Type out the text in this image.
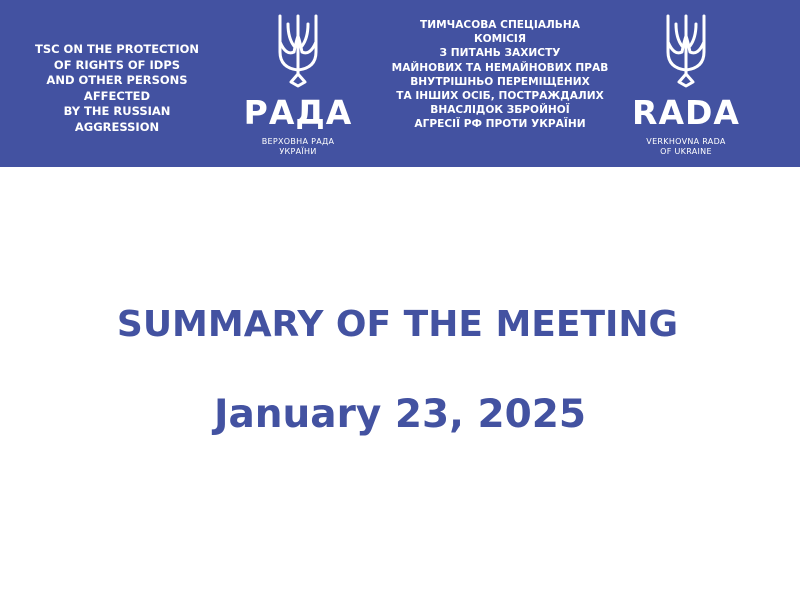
TSC ON THE PROTECTION
OF RIGHTS OF IDPS
AND OTHER PERSONS
AFFECTED
BY THE RUSSIAN
AGGRESSION	РАДА
ВЕРХОВНА РАДА
УКРАЇНИ
ТИМЧАСОВА СПЕЦІАЛЬНА
КОМІСІЯ
З ПИТАНЬ ЗАХИСТУ
МАЙНОВИХ ТА НЕМАЙНОВИХ ПРАВ
ВНУТРІШНЬО ПЕРЕМІЩЕНИХ
ТА ІНШИХ ОСІБ, ПОСТРАЖДАЛИХ
ВНАСЛІДОК ЗБРОЙНОЇ
АГРЕСІЇ РФ ПРОТИ УКРАЇНИ	RADA
VERKHOVNA RADA
OF UKRAINE
SUMMARY OF THE MEETING
January 23, 2025
